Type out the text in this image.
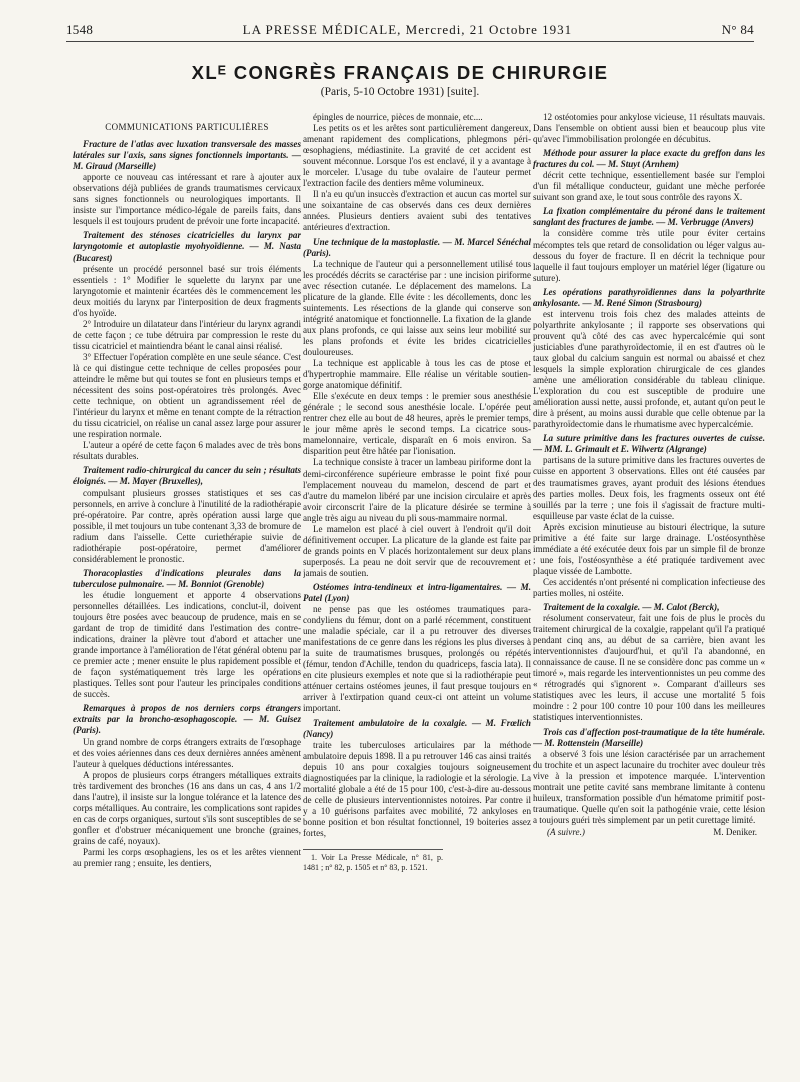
1548	LA PRESSE MÉDICALE, Mercredi, 21 Octobre 1931	N° 84
XLᴱ CONGRÈS FRANÇAIS DE CHIRURGIE
(Paris, 5-10 Octobre 1931) [suite].

COMMUNICATIONS PARTICULIÈRES

Fracture de l'atlas avec luxation transversale des masses latérales sur l'axis, sans signes fonctionnels importants. — M. Giraud (Marseille)

apporte ce nouveau cas intéressant et rare à ajouter aux observations déjà publiées de grands traumatismes cervicaux sans signes fonctionnels ou neurologiques importants. Il insiste sur l'importance médico-légale de pareils faits, dans lesquels il est toujours prudent de prévoir une forte incapacité.

Traitement des sténoses cicatricielles du larynx par laryngotomie et autoplastie myohyoïdienne. — M. Nasta (Bucarest)

présente un procédé personnel basé sur trois éléments essentiels : 1° Modifier le squelette du larynx par une laryngotomie et maintenir écartées dès le commencement les deux moitiés du larynx par l'interposition de deux fragments d'os hyoïde.

2° Introduire un dilatateur dans l'intérieur du larynx agrandi de cette façon ; ce tube détruira par compression le reste du tissu cicatriciel et maintiendra béant le canal ainsi réalisé.

3° Effectuer l'opération complète en une seule séance. C'est là ce qui distingue cette technique de celles proposées pour atteindre le même but qui toutes se font en plusieurs temps et nécessitent des soins post-opératoires très prolongés. Avec cette technique, on obtient un agrandissement réel de l'intérieur du larynx et même en tenant compte de la rétraction du tissu cicatriciel, on réalise un canal assez large pour assurer une respiration normale.

L'auteur a opéré de cette façon 6 malades avec de très bons résultats durables.

Traitement radio-chirurgical du cancer du sein ; résultats éloignés. — M. Mayer (Bruxelles),

compulsant plusieurs grosses statistiques et ses cas personnels, en arrive à conclure à l'inutilité de la radiothérapie pré-opératoire. Par contre, après opération aussi large que possible, il met toujours un tube contenant 3,33 de bromure de radium dans l'aisselle. Cette curiethérapie suivie de radiothérapie post-opératoire, permet d'améliorer considérablement le pronostic.

Thoracoplasties d'indications pleurales dans la tuberculose pulmonaire. — M. Bonniot (Grenoble)

les étudie longuement et apporte 4 observations personnelles détaillées. Les indications, conclut-il, doivent toujours être posées avec beaucoup de prudence, mais en se gardant de trop de timidité dans l'estimation des contre-indications, drainer la plèvre tout d'abord et attacher une grande importance à l'amélioration de l'état général obtenu par ce premier acte ; mener ensuite le plus rapidement possible et de façon systématiquement très large les opérations plastiques. Telles sont pour l'auteur les principales conditions de succès.

Remarques à propos de nos derniers corps étrangers extraits par la broncho-œsophagoscopie. — M. Guisez (Paris).

Un grand nombre de corps étrangers extraits de l'œsophage et des voies aériennes dans ces deux dernières années amènent l'auteur à quelques déductions intéressantes.

A propos de plusieurs corps étrangers métalliques extraits très tardivement des bronches (16 ans dans un cas, 4 ans 1/2 dans l'autre), il insiste sur la longue tolérance et la latence des corps métalliques. Au contraire, les complications sont rapides en cas de corps organiques, surtout s'ils sont susceptibles de se gonfler et d'obstruer mécaniquement une bronche (graines, grains de café, noyaux).

Parmi les corps œsophagiens, les os et les arêtes viennent au premier rang ; ensuite, les dentiers,

épingles de nourrice, pièces de monnaie, etc....

Les petits os et les arêtes sont particulièrement dangereux, amenant rapidement des complications, phlegmons péri-œsophagiens, médiastinite. La gravité de cet accident est souvent méconnue. Lorsque l'os est enclavé, il y a avantage à le morceler. L'usage du tube ovalaire de l'auteur permet l'extraction facile des dentiers même volumineux.

Il n'a eu qu'un insuccès d'extraction et aucun cas mortel sur une soixantaine de cas observés dans ces deux dernières années. Plusieurs dentiers avaient subi des tentatives antérieures d'extraction.

Une technique de la mastoplastie. — M. Marcel Sénéchal (Paris).

La technique de l'auteur qui a personnellement utilisé tous les procédés décrits se caractérise par : une incision piriforme avec résection cutanée. Le déplacement des mamelons. La plicature de la glande. Elle évite : les décollements, donc les suintements. Les résections de la glande qui conserve son intégrité anatomique et fonctionnelle. La fixation de la glande aux plans profonds, ce qui laisse aux seins leur mobilité sur les plans profonds et évite les brides cicatricielles douloureuses.

La technique est applicable à tous les cas de ptose et d'hypertrophie mammaire. Elle réalise un véritable soutien-gorge anatomique définitif.

Elle s'exécute en deux temps : le premier sous anesthésie générale ; le second sous anesthésie locale. L'opérée peut rentrer chez elle au bout de 48 heures, après le premier temps, le jour même après le second temps. La cicatrice sous-mamelonnaire, verticale, disparaît en 6 mois environ. Sa disparition peut être hâtée par l'ionisation.

La technique consiste à tracer un lambeau piriforme dont la demi-circonférence supérieure embrasse le point fixé pour l'emplacement nouveau du mamelon, descend de part et d'autre du mamelon libéré par une incision circulaire et après avoir circonscrit l'aire de la plicature désirée se termine à angle très aigu au niveau du pli sous-mammaire normal.

Le mamelon est placé à ciel ouvert à l'endroit qu'il doit définitivement occuper. La plicature de la glande est faite par de grands points en V placés horizontalement sur deux plans superposés. La peau ne doit servir que de recouvrement et jamais de soutien.

Ostéomes intra-tendineux et intra-ligamentaires. — M. Patel (Lyon)

ne pense pas que les ostéomes traumatiques para-condyliens du fémur, dont on a parlé récemment, constituent une maladie spéciale, car il a pu retrouver des diverses manifestations de ce genre dans les régions les plus diverses à la suite de traumatismes brusques, prolongés ou répétés (fémur, tendon d'Achille, tendon du quadriceps, fascia lata). Il en cite plusieurs exemples et note que si la radiothérapie peut atténuer certains ostéomes jeunes, il faut presque toujours en arriver à l'extirpation quand ceux-ci ont atteint un volume important.

Traitement ambulatoire de la coxalgie. — M. Frœlich (Nancy)

traite les tuberculoses articulaires par la méthode ambulatoire depuis 1898. Il a pu retrouver 146 cas ainsi traités depuis 10 ans pour coxalgies toujours soigneusement diagnostiquées par la clinique, la radiologie et la sérologie. La mortalité globale a été de 15 pour 100, c'est-à-dire au-dessous de celle de plusieurs interventionnistes notoires. Par contre il y a 10 guérisons parfaites avec mobilité, 72 ankyloses en bonne position et bon résultat fonctionnel, 19 boiteries assez fortes,

1. Voir La Presse Médicale, n° 81, p. 1481 ; n° 82, p. 1505 et n° 83, p. 1521.

12 ostéotomies pour ankylose vicieuse, 11 résultats mauvais. Dans l'ensemble on obtient aussi bien et beaucoup plus vite qu'avec l'immobilisation prolongée en décubitus.

Méthode pour assurer la place exacte du greffon dans les fractures du col. — M. Stuyt (Arnhem)

décrit cette technique, essentiellement basée sur l'emploi d'un fil métallique conducteur, guidant une mèche perforée suivant son grand axe, le tout sous contrôle des rayons X.

La fixation complémentaire du péroné dans le traitement sanglant des fractures de jambe. — M. Verbrugge (Anvers)

la considère comme très utile pour éviter certains mécomptes tels que retard de consolidation ou léger valgus au-dessous du foyer de fracture. Il en décrit la technique pour laquelle il faut toujours employer un matériel léger (ligature ou suture).

Les opérations parathyroïdiennes dans la polyarthrite ankylosante. — M. René Simon (Strasbourg)

est intervenu trois fois chez des malades atteints de polyarthrite ankylosante ; il rapporte ses observations qui prouvent qu'à côté des cas avec hypercalcémie qui sont justiciables d'une parathyroïdectomie, il en est d'autres où le taux global du calcium sanguin est normal ou abaissé et chez lesquels la simple exploration chirurgicale de ces glandes amène une amélioration considérable du tableau clinique. L'exploration du cou est susceptible de produire une amélioration aussi nette, aussi profonde, et, autant qu'on peut le dire à présent, au moins aussi durable que celle obtenue par la parathyroïdectomie dans le rhumatisme avec hypercalcémie.

La suture primitive dans les fractures ouvertes de cuisse. — MM. L. Grimault et E. Wilwertz (Algrange)

partisans de la suture primitive dans les fractures ouvertes de cuisse en apportent 3 observations. Elles ont été causées par des traumatismes graves, ayant produit des lésions étendues des parties molles. Deux fois, les fragments osseux ont été souillés par la terre ; une fois il s'agissait de fracture multi-esquilleuse par vaste éclat de la cuisse.

Après excision minutieuse au bistouri électrique, la suture primitive a été faite sur large drainage. L'ostéosynthèse immédiate a été exécutée deux fois par un simple fil de bronze ; une fois, l'ostéosynthèse a été pratiquée tardivement avec plaque vissée de Lambotte.

Ces accidentés n'ont présenté ni complication infectieuse des parties molles, ni ostéite.

Traitement de la coxalgie. — M. Calot (Berck),

résolument conservateur, fait une fois de plus le procès du traitement chirurgical de la coxalgie, rappelant qu'il l'a pratiqué pendant cinq ans, au début de sa carrière, bien avant les interventionnistes d'aujourd'hui, et qu'il l'a abandonné, en connaissance de cause. Il ne se considère donc pas comme un « timoré », mais regarde les interventionnistes un peu comme des « rétrogradés qui s'ignorent ». Comparant d'ailleurs ses statistiques avec les leurs, il accuse une mortalité 5 fois moindre : 2 pour 100 contre 10 pour 100 dans les meilleures statistiques interventionnistes.

Trois cas d'affection post-traumatique de la tête humérale. — M. Rottenstein (Marseille)

a observé 3 fois une lésion caractérisée par un arrachement du trochite et un aspect lacunaire du trochiter avec douleur très vive à la pression et impotence marquée. L'intervention montrait une petite cavité sans membrane limitante à contenu huileux, transformation possible d'un hématome primitif post-traumatique. Quelle qu'en soit la pathogénie vraie, cette lésion a toujours guéri très simplement par un petit curettage limité.

(A suivre.)	M. Deniker.
